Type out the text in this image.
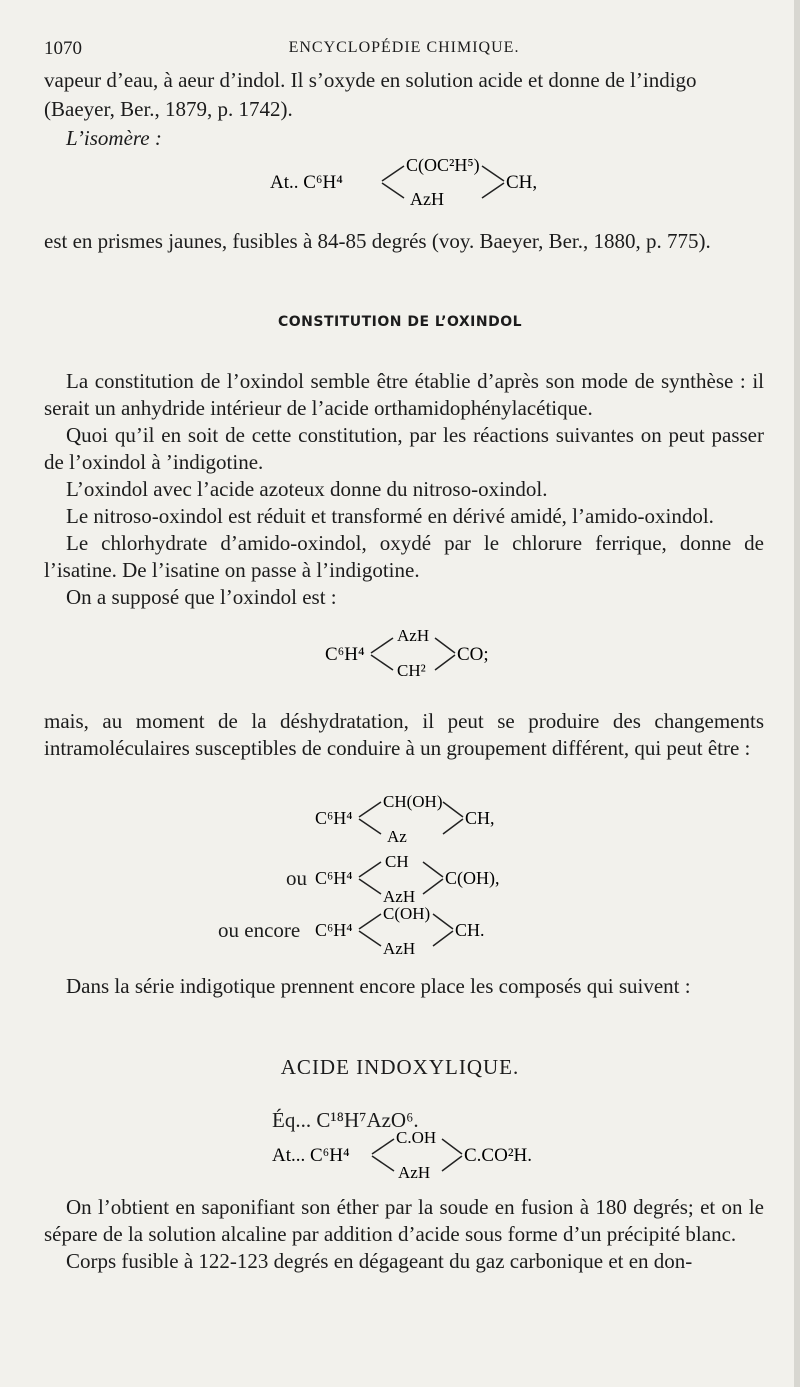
1070	ENCYCLOPÉDIE CHIMIQUE.
vapeur d’eau, à aeur d’indol. Il s’oxyde en solution acide et donne de l’indigo
(Baeyer, Ber., 1879, p. 1742).
L’isomère :
At.. C⁶H⁴
C(OC²H⁵)
AzH
CH,
est en prismes jaunes, fusibles à 84-85 degrés (voy. Baeyer, Ber., 1880, p. 775).
CONSTITUTION DE L’OXINDOL

La constitution de l’oxindol semble être établie d’après son mode de synthèse : il serait un anhydride intérieur de l’acide orthamidophénylacétique.

Quoi qu’il en soit de cette constitution, par les réactions suivantes on peut passer de l’oxindol à ’indigotine.

L’oxindol avec l’acide azoteux donne du nitroso-oxindol.

Le nitroso-oxindol est réduit et transformé en dérivé amidé, l’amido-oxindol.

Le chlorhydrate d’amido-oxindol, oxydé par le chlorure ferrique, donne de l’isatine. De l’isatine on passe à l’indigotine.

On a supposé que l’oxindol est :

C⁶H⁴
AzH
CH²
CO;

mais, au moment de la déshydratation, il peut se produire des changements intramoléculaires susceptibles de conduire à un groupement différent, qui peut être :

C⁶H⁴
CH(OH)
Az
CH,
ou C⁶H⁴
CH
AzH
C(OH),
ou encore C⁶H⁴
C(OH)
AzH
CH.
Dans la série indigotique prennent encore place les composés qui suivent :
ACIDE INDOXYLIQUE.
Éq... C¹⁸H⁷AzO⁶.
At... C⁶H⁴
C.OH
AzH
C.CO²H.

On l’obtient en saponifiant son éther par la soude en fusion à 180 degrés; et on le sépare de la solution alcaline par addition d’acide sous forme d’un précipité blanc.

Corps fusible à 122-123 degrés en dégageant du gaz carbonique et en don-
